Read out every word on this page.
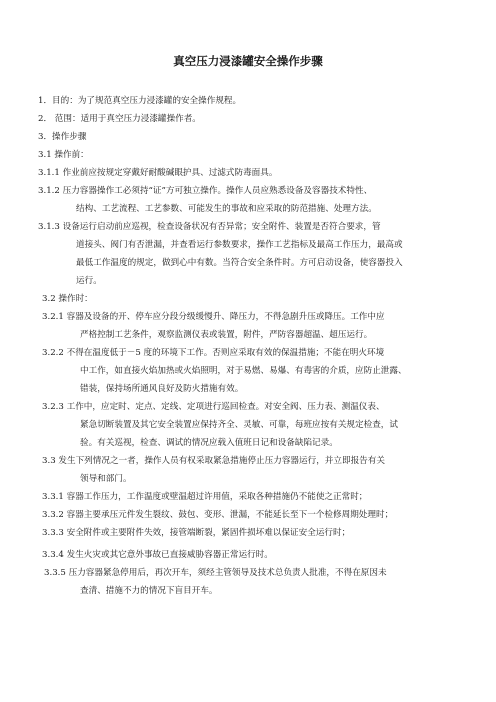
真空压力浸漆罐安全操作步骤

1．目的：为了规范真空压力浸漆罐的安全操作规程。

2． 范围：适用于真空压力浸漆罐操作者。

3．操作步骤

3.1 操作前：

3.1.1 作业前应按规定穿戴好耐酸碱眼护具、过滤式防毒面具。

3.1.2 压力容器操作工必须持“证”方可独立操作。操作人员应熟悉设备及容器技术特性、

结构、工艺流程、工艺参数、可能发生的事故和应采取的防范措施、处理方法。

3.1.3 设备运行启动前应巡视，检查设备状况有否异常；安全附件、装置是否符合要求，管

道接头、阀门有否泄漏，并查看运行参数要求，操作工艺指标及最高工作压力，最高或

最低工作温度的规定，做到心中有数。当符合安全条件时。方可启动设备，使容器投入

运行。

3.2 操作时：

3.2.1 容器及设备的开、停车应分段分级缓慢升、降压力，不得急剧升压或降压。工作中应

严格控制工艺条件，观察监测仪表或装置，附件，严防容器超温、超压运行。

3.2.2 不得在温度低于－5 度的环境下工作。否则应采取有效的保温措施；不能在明火环境

中工作，如直接火焰加热或火焰照明，对于易燃、易爆、有毒害的介质，应防止泄露、

错装，保持场所通风良好及防火措施有效。

3.2.3 工作中，应定时、定点、定线、定项进行巡回检查。对安全阀、压力表、测温仪表、

紧急切断装置及其它安全装置应保持齐全、灵敏、可靠，每班应按有关规定检查，试

验。有关巡视，检查、调试的情况应载入值班日记和设备缺陷记录。

3.3 发生下列情况之一者，操作人员有权采取紧急措施停止压力容器运行，并立即报告有关

领导和部门。

3.3.1 容器工作压力，工作温度或壁温超过许用值，采取各种措施仍不能使之正常时；

3.3.2 容器主要承压元件发生裂纹、鼓包、变形、泄漏，不能延长至下一个检修周期处理时；

3.3.3 安全附件或主要附件失效，接管端断裂，紧固件损坏难以保证安全运行时；

3.3.4 发生火灾或其它意外事故已直接威胁容器正常运行时。

3.3.5 压力容器紧急停用后，再次开车，须经主管领导及技术总负责人批准，不得在原因未

查清、措施不力的情况下盲目开车。
